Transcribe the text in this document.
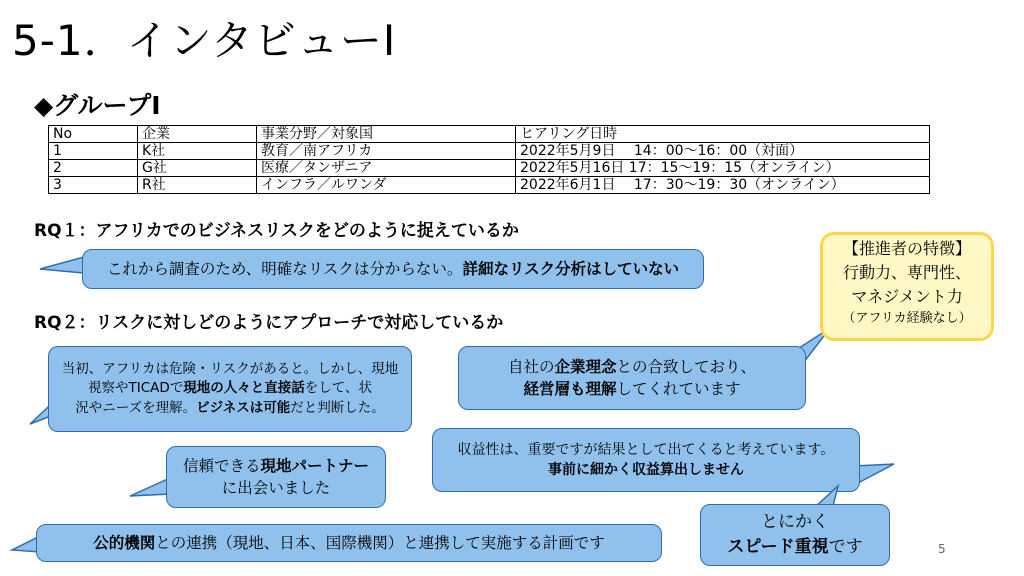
5-1．インタビューⅠ
◆グループⅠ
No	企業	事業分野／対象国	ヒアリング日時
1	K社	教育／南アフリカ	2022年5月9日　 14：00～16：00（対面）
2	G社	医療／タンザニア	2022年5月16日 17：15～19：15（オンライン）
3	R社	インフラ／ルワンダ	2022年6月1日　 17：30～19：30（オンライン）
RQ１：アフリカでのビジネスリスクをどのように捉えているか
RQ２：リスクに対しどのようにアプローチで対応しているか
これから調査のため、明確なリスクは分からない。詳細なリスク分析はしていない
当初、アフリカは危険・リスクがあると。しかし、現地
視察やTICADで現地の人々と直接話をして、状
況やニーズを理解。ビジネスは可能だと判断した。
自社の企業理念との合致しており、
経営層も理解してくれています
信頼できる現地パートナー
に出会いました
収益性は、重要ですが結果として出てくると考えています。
事前に細かく収益算出しません
公的機関との連携（現地、日本、国際機関）と連携して実施する計画です
とにかく
スピード重視です
【推進者の特徴】
行動力、専門性、
マネジメント力
（アフリカ経験なし）
5
